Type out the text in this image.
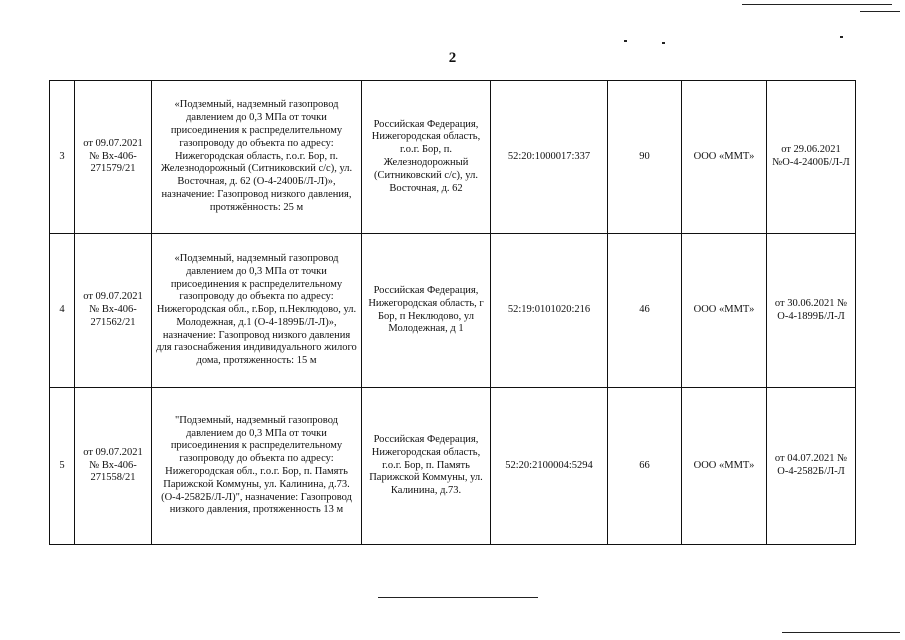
2
3	от 09.07.2021 № Вх-406-271579/21	«Подземный, надземный газопровод давлением до 0,3 МПа от точки присоединения к распределительному газопроводу до объекта по адресу: Нижегородская область, г.о.г. Бор, п. Железнодорожный (Ситниковский с/с), ул. Восточная, д. 62 (О-4-2400Б/Л-Л)», назначение: Газопровод низкого давления, протяжённость: 25 м	Российская Федерация, Нижегородская область, г.о.г. Бор, п. Железнодорожный (Ситниковский с/с), ул. Восточная, д. 62	52:20:1000017:337	90	ООО «ММТ»	от 29.06.2021 №О-4-2400Б/Л-Л
4	от 09.07.2021 № Вх-406-271562/21	«Подземный, надземный газопровод давлением до 0,3 МПа от точки присоединения к распределительному газопроводу до объекта по адресу: Нижегородская обл., г.Бор, п.Неклюдово, ул. Молодежная, д.1 (О-4-1899Б/Л-Л)», назначение: Газопровод низкого давления для газоснабжения индивидуального жилого дома, протяженность: 15 м	Российская Федерация, Нижегородская область, г Бор, п Неклюдово, ул Молодежная, д 1	52:19:0101020:216	46	ООО «ММТ»	от 30.06.2021 № О-4-1899Б/Л-Л
5	от 09.07.2021 № Вх-406-271558/21	"Подземный, надземный газопровод давлением до 0,3 МПа от точки присоединения к распределительному газопроводу до объекта по адресу: Нижегородская обл., г.о.г. Бор, п. Память Парижской Коммуны, ул. Калинина, д.73. (О-4-2582Б/Л-Л)", назначение: Газопровод низкого давления, протяженность 13 м	Российская Федерация, Нижегородская область, г.о.г. Бор, п. Память Парижской Коммуны, ул. Калинина, д.73.	52:20:2100004:5294	66	ООО «ММТ»	от 04.07.2021 № О-4-2582Б/Л-Л
